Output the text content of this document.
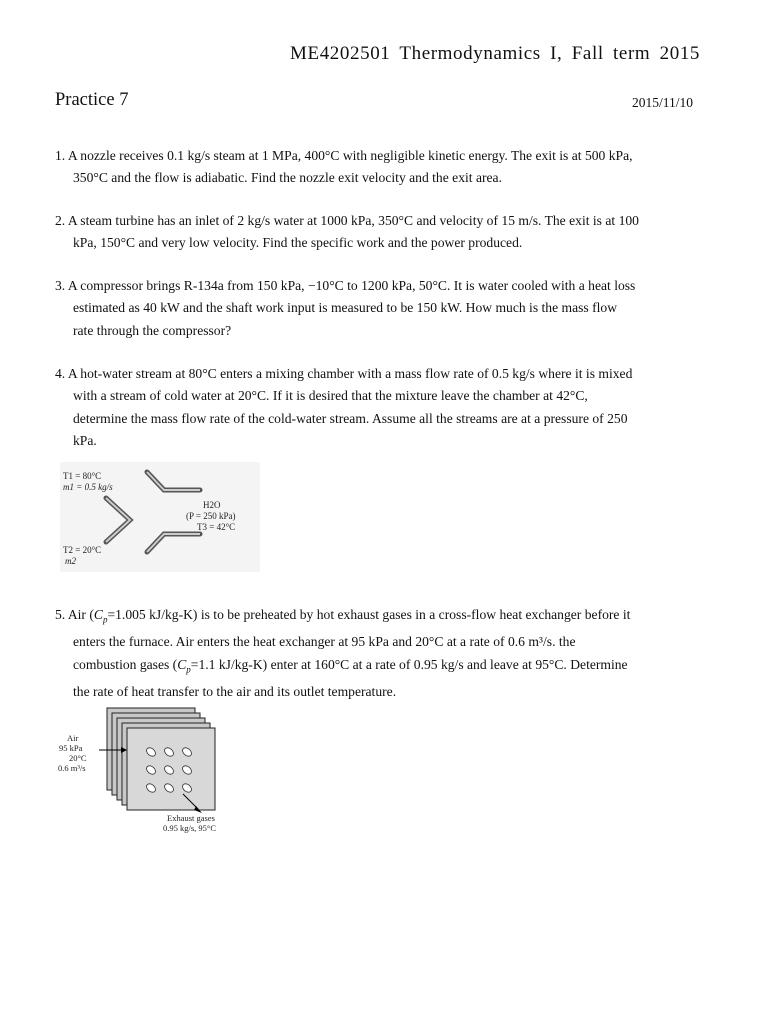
ME4202501 Thermodynamics I, Fall term 2015
Practice 7	2015/11/10
1. A nozzle receives 0.1 kg/s steam at 1 MPa, 400°C with negligible kinetic energy. The exit is at 500 kPa,
350°C and the flow is adiabatic. Find the nozzle exit velocity and the exit area.
2. A steam turbine has an inlet of 2 kg/s water at 1000 kPa, 350°C and velocity of 15 m/s. The exit is at 100
kPa, 150°C and very low velocity. Find the specific work and the power produced.
3. A compressor brings R-134a from 150 kPa, −10°C to 1200 kPa, 50°C. It is water cooled with a heat loss
estimated as 40 kW and the shaft work input is measured to be 150 kW. How much is the mass flow
rate through the compressor?
4. A hot-water stream at 80°C enters a mixing chamber with a mass flow rate of 0.5 kg/s where it is mixed
with a stream of cold water at 20°C. If it is desired that the mixture leave the chamber at 42°C,
determine the mass flow rate of the cold-water stream. Assume all the streams are at a pressure of 250
kPa.
T1 = 80°C
m1 = 0.5 kg/s
H2O
(P = 250 kPa)
T3 = 42°C
T2 = 20°C
m2
5. Air ($C_p=1.005$ kJ/kg-K) is to be preheated by hot exhaust gases in a cross-flow heat exchanger before it
enters the furnace. Air enters the heat exchanger at 95 kPa and 20°C at a rate of 0.6 m³/s. the
combustion gases ($C_p=1.1$ kJ/kg-K) enter at 160°C at a rate of 0.95 kg/s and leave at 95°C. Determine
the rate of heat transfer to the air and its outlet temperature.
Air
95 kPa
20°C
0.6 m³/s
Exhaust gases
0.95 kg/s, 95°C
